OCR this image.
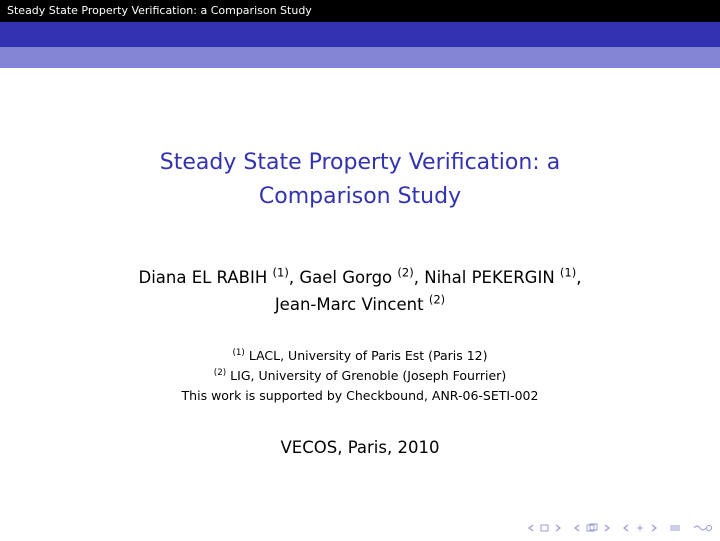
Steady State Property Verification: a Comparison Study
Steady State Property Verification: a
Comparison Study
Diana EL RABIH $^{(1)}$, Gael Gorgo $^{(2)}$, Nihal PEKERGIN $^{(1)}$,
Jean-Marc Vincent $^{(2)}$
$^{(1)}$ LACL, University of Paris Est (Paris 12)
$^{(2)}$ LIG, University of Grenoble (Joseph Fourrier)
This work is supported by Checkbound, ANR-06-SETI-002
VECOS, Paris, 2010
